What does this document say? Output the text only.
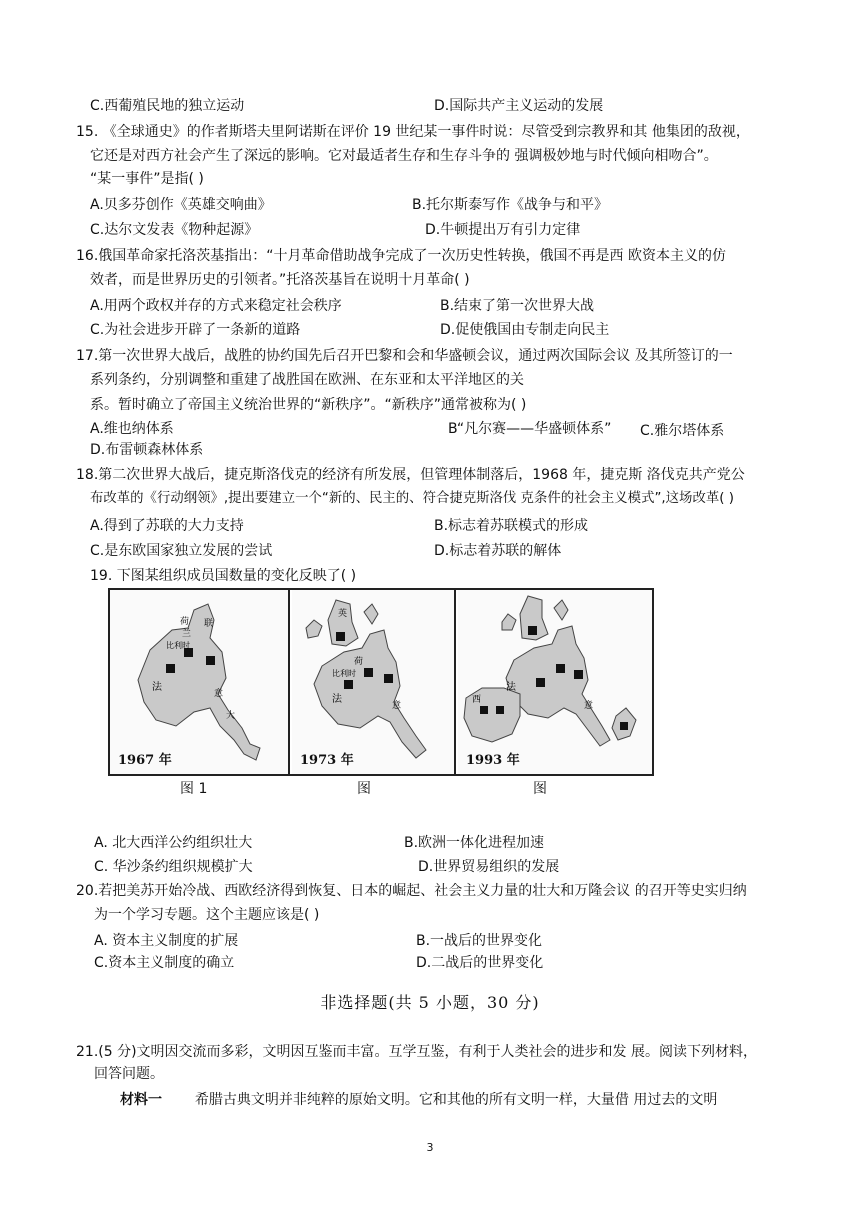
C.西葡殖民地的独立运动	D.国际共产主义运动的发展
15. 《全球通史》的作者斯塔夫里阿诺斯在评价 19 世纪某一事件时说：尽管受到宗教界和其 他集团的敌视，
它还是对西方社会产生了深远的影响。它对最适者生存和生存斗争的 强调极妙地与时代倾向相吻合”。
“某一事件”是指( )
A.贝多芬创作《英雄交响曲》	B.托尔斯泰写作《战争与和平》
C.达尔文发表《物种起源》	D.牛顿提出万有引力定律
16.俄国革命家托洛茨基指出：“十月革命借助战争完成了一次历史性转换，俄国不再是西 欧资本主义的仿
效者，而是世界历史的引领者。”托洛茨基旨在说明十月革命( )
A.用两个政权并存的方式来稳定社会秩序	B.结束了第一次世界大战
C.为社会进步开辟了一条新的道路	D.促使俄国由专制走向民主
17.第一次世界大战后，战胜的协约国先后召开巴黎和会和华盛顿会议，通过两次国际会议 及其所签订的一
系列条约，分别调整和重建了战胜国在欧洲、在东亚和太平洋地区的关
系。暂时确立了帝国主义统治世界的“新秩序”。“新秩序”通常被称为( )
A.维也纳体系	B“凡尔赛——华盛顿体系” C.雅尔塔体系
D.布雷顿森林体系
18.第二次世界大战后，捷克斯洛伐克的经济有所发展，但管理体制落后，1968 年，捷克斯 洛伐克共产党公
布改革的《行动纲领》,提出要建立一个“新的、民主的、符合捷克斯洛伐 克条件的社会主义模式”,这场改革( )
A.得到了苏联的大力支持	B.标志着苏联模式的形成
C.是东欧国家独立发展的尝试	D.标志着苏联的解体
19. 下图某组织成员国数量的变化反映了( )
荷
兰
联
比利时
法
意
大
1967 年
英
荷
比利时
法
意
1973 年
法
意
西
1993 年
图 1	图	图
A. 北大西洋公约组织壮大	B.欧洲一体化进程加速
C. 华沙条约组织规模扩大	D.世界贸易组织的发展
20.若把美苏开始冷战、西欧经济得到恢复、日本的崛起、社会主义力量的壮大和万隆会议 的召开等史实归纳
为一个学习专题。这个主题应该是( )
A. 资本主义制度的扩展	B.一战后的世界变化
C.资本主义制度的确立	D.二战后的世界变化
非选择题(共 5 小题，30 分)
21.(5 分)文明因交流而多彩，文明因互鉴而丰富。互学互鉴，有利于人类社会的进步和发 展。阅读下列材料，
回答问题。
材料一 希腊古典文明并非纯粹的原始文明。它和其他的所有文明一样，大量借 用过去的文明
3
